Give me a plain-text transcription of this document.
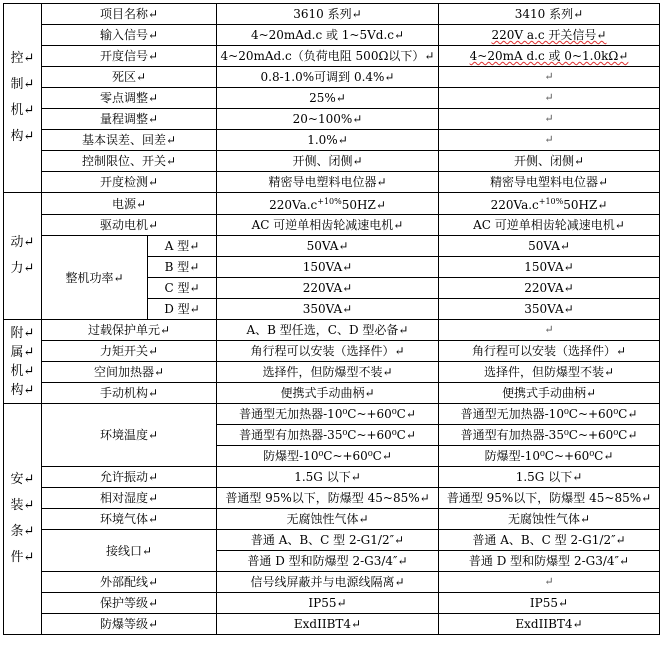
控↵
制↵
机↵
构↵	项目名称↵		3610 系列↵	3410 系列↵
	输入信号↵		4~20mAd.c 或 1~5Vd.c↵	220V a.c 开关信号↵
	开度信号↵		4~20mAd.c（负荷电阻 500Ω以下）↵	4~20mA d.c 或 0~1.0kΩ↵
	死区↵		0.8-1.0%可调到 0.4%↵	↵
	零点调整↵		25%↵	↵
	量程调整↵		20~100%↵	↵
	基本误差、回差↵		1.0%↵	↵
	控制限位、开关↵		开侧、闭侧↵	开侧、闭侧↵
	开度检测↵		精密导电塑料电位器↵	精密导电塑料电位器↵
动↵
力↵	电源↵		$220Va.c^{+10\%}50HZ↵$	$220Va.c^{+10\%}50HZ↵$
	驱动电机↵		AC 可逆单相齿轮减速电机↵	AC 可逆单相齿轮减速电机↵
	整机功率↵	A 型↵	50VA↵	50VA↵
		B 型↵	150VA↵	150VA↵
		C 型↵	220VA↵	220VA↵
		D 型↵	350VA↵	350VA↵
附↵
属↵
机↵
构↵	过载保护单元↵		A、B 型任选，C、D 型必备↵	↵
	力矩开关↵		角行程可以安装（选择件）↵	角行程可以安装（选择件）↵
	空间加热器↵		选择件，但防爆型不装↵	选择件，但防爆型不装↵
	手动机构↵		便携式手动曲柄↵	便携式手动曲柄↵
安↵
装↵
条↵
件↵	环境温度↵		普通型无加热器-10⁰C~+60⁰C↵	普通型无加热器-10⁰C~+60⁰C↵
			普通型有加热器-35⁰C~+60⁰C↵	普通型有加热器-35⁰C~+60⁰C↵
			防爆型-10⁰C~+60⁰C↵	防爆型-10⁰C~+60⁰C↵
	允许振动↵		1.5G 以下↵	1.5G 以下↵
	相对湿度↵		普通型 95%以下，防爆型 45~85%↵	普通型 95%以下，防爆型 45~85%↵
	环境气体↵		无腐蚀性气体↵	无腐蚀性气体↵
	接线口↵		普通 A、B、C 型 2-G1/2″↵	普通 A、B、C 型 2-G1/2″↵
			普通 D 型和防爆型 2-G3/4″↵	普通 D 型和防爆型 2-G3/4″↵
	外部配线↵		信号线屏蔽并与电源线隔离↵	↵
	保护等级↵		IP55↵	IP55↵
	防爆等级↵		ExdIIBT4↵	ExdIIBT4↵
